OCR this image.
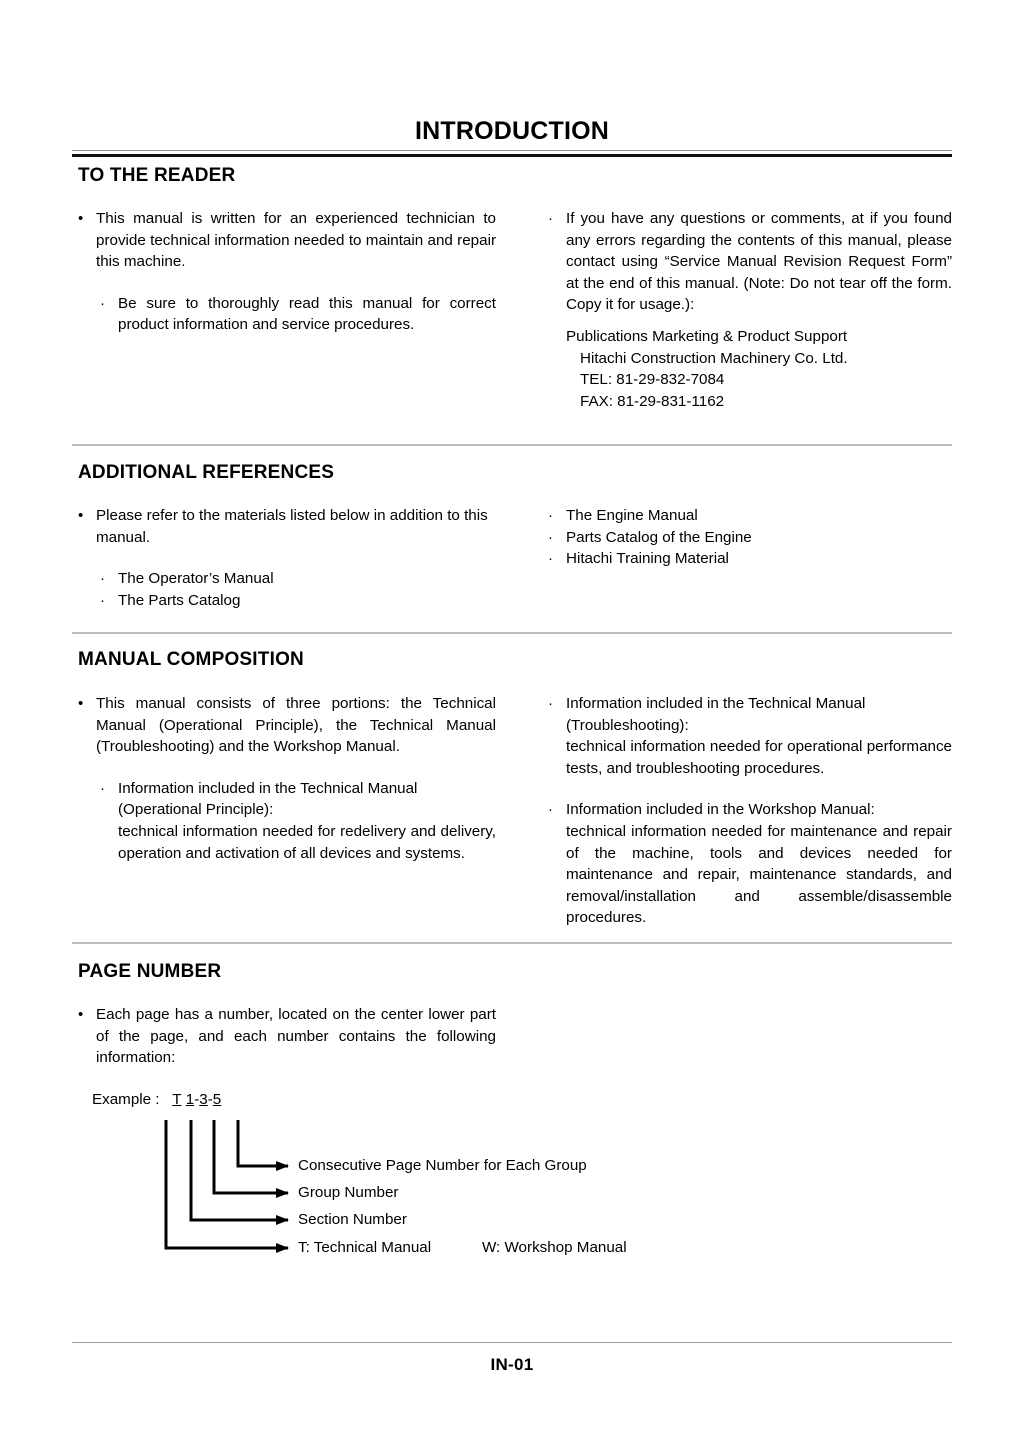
INTRODUCTION
TO THE READER
• This manual is written for an experienced technician to provide technical information needed to maintain and repair this machine.
· Be sure to thoroughly read this manual for correct product information and service procedures.
· If you have any questions or comments, at if you found any errors regarding the contents of this manual, please contact using “Service Manual Revision Request Form” at the end of this manual. (Note: Do not tear off the form. Copy it for usage.):
Publications Marketing & Product Support
Hitachi Construction Machinery Co. Ltd.
TEL: 81-29-832-7084
FAX: 81-29-831-1162
ADDITIONAL REFERENCES
• Please refer to the materials listed below in addition to this manual.
· The Operator’s Manual
· The Parts Catalog
· The Engine Manual
· Parts Catalog of the Engine
· Hitachi Training Material
MANUAL COMPOSITION
• This manual consists of three portions: the Technical Manual (Operational Principle), the Technical Manual (Troubleshooting) and the Workshop Manual.
· Information included in the Technical Manual
(Operational Principle):
technical information needed for redelivery and delivery, operation and activation of all devices and systems.
· Information included in the Technical Manual
(Troubleshooting):
technical information needed for operational performance tests, and troubleshooting procedures.
· Information included in the Workshop Manual:
technical information needed for maintenance and repair of the machine, tools and devices needed for maintenance and repair, maintenance standards, and removal/installation and assemble/disassemble procedures.
PAGE NUMBER
• Each page has a number, located on the center lower part of the page, and each number contains the following information:
Example : T 1-3-5
Consecutive Page Number for Each Group
Group Number
Section Number
T: Technical Manual	W: Workshop Manual
IN-01
